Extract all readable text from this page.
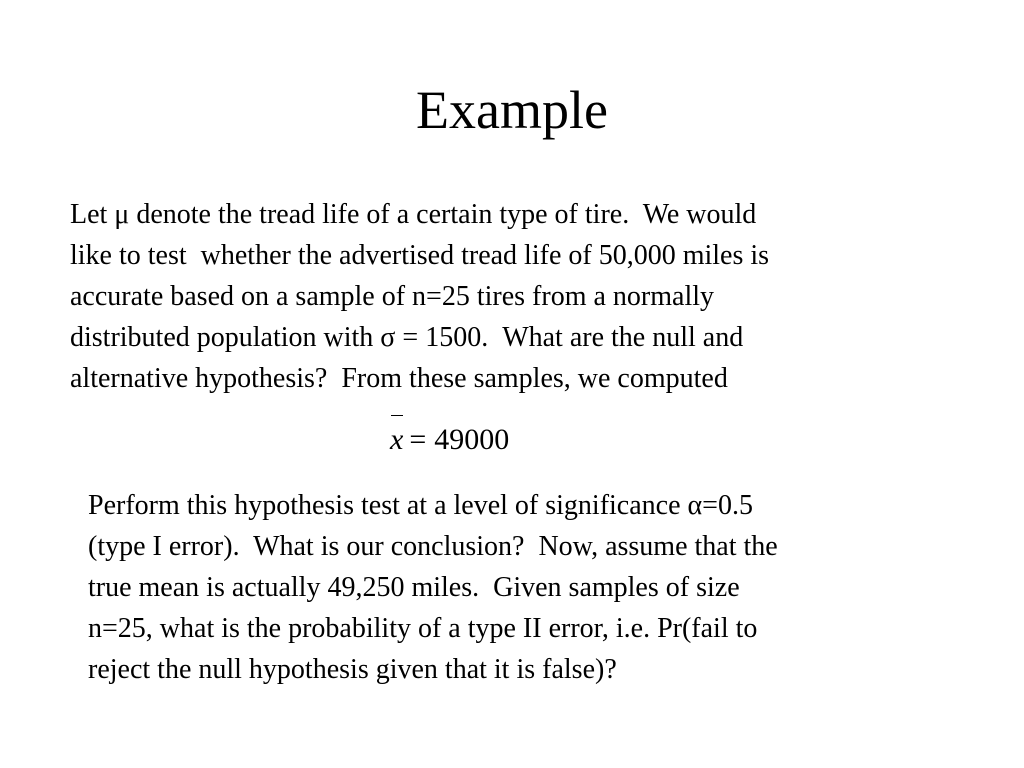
Example
Let μ denote the tread life of a certain type of tire.  We would
like to test  whether the advertised tread life of 50,000 miles is
accurate based on a sample of n=25 tires from a normally
distributed population with σ = 1500.  What are the null and
alternative hypothesis?  From these samples, we computed
x = 49000
Perform this hypothesis test at a level of significance α=0.5
(type I error).  What is our conclusion?  Now, assume that the
true mean is actually 49,250 miles.  Given samples of size
n=25, what is the probability of a type II error, i.e. Pr(fail to
reject the null hypothesis given that it is false)?
